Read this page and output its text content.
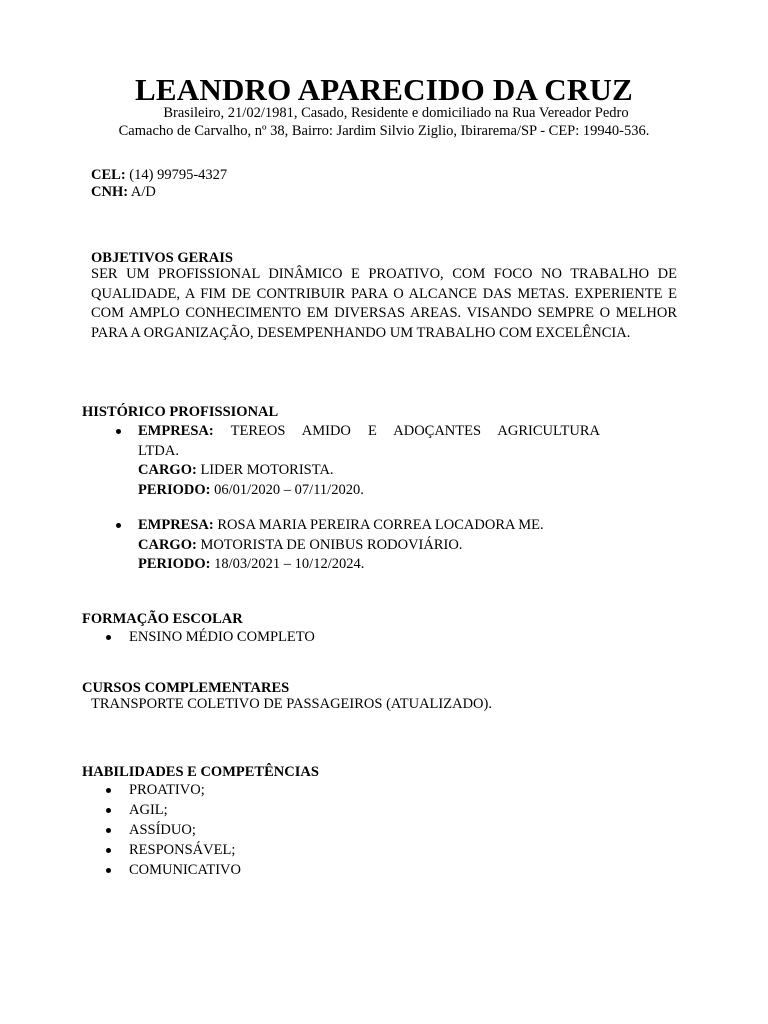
LEANDRO APARECIDO DA CRUZ
Brasileiro, 21/02/1981, Casado, Residente e domiciliado na Rua Vereador Pedro
Camacho de Carvalho, nº 38, Bairro: Jardim Silvio Ziglio, Ibirarema/SP - CEP: 19940-536.
CEL: (14) 99795-4327
CNH: A/D
OBJETIVOS GERAIS
SER UM PROFISSIONAL DINÂMICO E PROATIVO, COM FOCO NO TRABALHO DE QUALIDADE, A FIM DE CONTRIBUIR PARA O ALCANCE DAS METAS. EXPERIENTE E COM AMPLO CONHECIMENTO EM DIVERSAS AREAS. VISANDO SEMPRE O MELHOR PARA A ORGANIZAÇÃO, DESEMPENHANDO UM TRABALHO COM EXCELÊNCIA.
HISTÓRICO PROFISSIONAL
EMPRESA: TEREOS AMIDO E ADOÇANTES AGRICULTURA
LTDA.
CARGO: LIDER MOTORISTA.
PERIODO: 06/01/2020 – 07/11/2020.
EMPRESA: ROSA MARIA PEREIRA CORREA LOCADORA ME.
CARGO: MOTORISTA DE ONIBUS RODOVIÁRIO.
PERIODO: 18/03/2021 – 10/12/2024.
FORMAÇÃO ESCOLAR
ENSINO MÉDIO COMPLETO
CURSOS COMPLEMENTARES
TRANSPORTE COLETIVO DE PASSAGEIROS (ATUALIZADO).
HABILIDADES E COMPETÊNCIAS
PROATIVO;
AGIL;
ASSÍDUO;
RESPONSÁVEL;
COMUNICATIVO
